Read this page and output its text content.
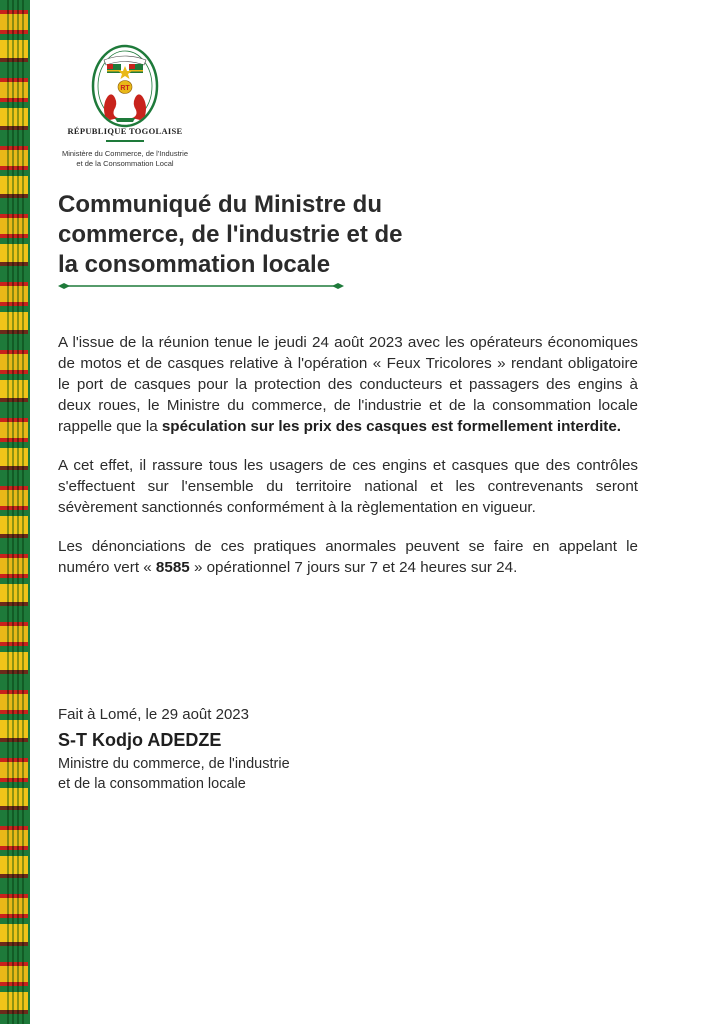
RT
RÉPUBLIQUE TOGOLAISE
Ministère du Commerce, de l'Industrie
et de la Consommation Local
Communiqué du Ministre du
commerce, de l'industrie et de
la consommation locale

A l'issue de la réunion tenue le jeudi 24 août 2023 avec les opérateurs économiques de motos et de casques relative à l'opération « Feux Tricolores » rendant obligatoire le port de casques pour la protection des conducteurs et passagers des engins à deux roues, le Ministre du commerce, de l'industrie et de la consommation locale rappelle que la spéculation sur les prix des casques est formellement interdite.

A cet effet, il rassure tous les usagers de ces engins et casques que des contrôles s'effectuent sur l'ensemble du territoire national et les contrevenants seront sévèrement sanctionnés conformément à la règlementation en vigueur.

Les dénonciations de ces pratiques anormales peuvent se faire en appelant le numéro vert « 8585 » opérationnel 7 jours sur 7 et 24 heures sur 24.

Fait à Lomé, le 29 août 2023
S-T Kodjo ADEDZE
Ministre du commerce, de l'industrie
et de la consommation locale
